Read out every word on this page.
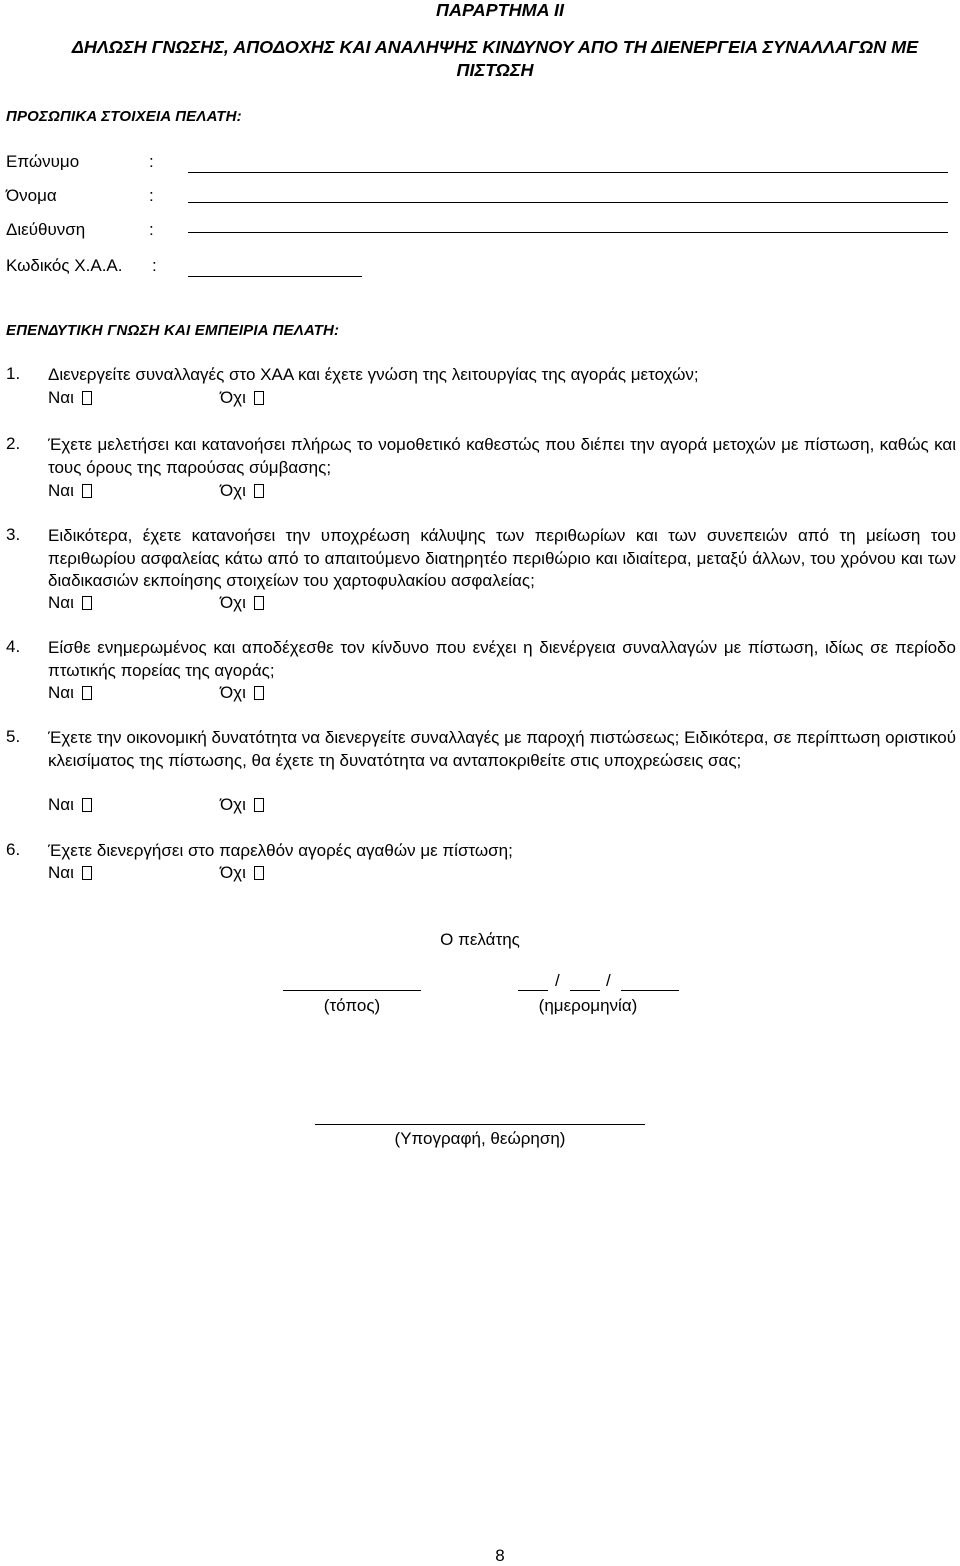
ΠΑΡΑΡΤΗΜΑ ΙΙ
ΔΗΛΩΣΗ ΓΝΩΣΗΣ, ΑΠΟΔΟΧΗΣ ΚΑΙ ΑΝΑΛΗΨΗΣ ΚΙΝΔΥΝΟΥ ΑΠΟ ΤΗ ΔΙΕΝΕΡΓΕΙΑ ΣΥΝΑΛΛΑΓΩΝ ΜΕ
ΠΙΣΤΩΣΗ
ΠΡΟΣΩΠΙΚΑ ΣΤΟΙΧΕΙΑ ΠΕΛΑΤΗ:
Επώνυμο	:
Όνομα	:
Διεύθυνση	:
Κωδικός Χ.Α.Α. :
ΕΠΕΝΔΥΤΙΚΗ ΓΝΩΣΗ ΚΑΙ ΕΜΠΕΙΡΙΑ ΠΕΛΑΤΗ:
1. Διενεργείτε συναλλαγές στο ΧΑΑ και έχετε γνώση της λειτουργίας της αγοράς μετοχών;
Ναι	Όχι
2. Έχετε μελετήσει και κατανοήσει πλήρως το νομοθετικό καθεστώς που διέπει την αγορά μετοχών με πίστωση, καθώς και τους όρους της παρούσας σύμβασης;
Ναι	Όχι
3. Ειδικότερα, έχετε κατανοήσει την υποχρέωση κάλυψης των περιθωρίων και των συνεπειών από τη μείωση του περιθωρίου ασφαλείας κάτω από το απαιτούμενο διατηρητέο περιθώριο και ιδιαίτερα, μεταξύ άλλων, του χρόνου και των διαδικασιών εκποίησης στοιχείων του χαρτοφυλακίου ασφαλείας;
Ναι	Όχι
4. Είσθε ενημερωμένος και αποδέχεσθε τον κίνδυνο που ενέχει η διενέργεια συναλλαγών με πίστωση, ιδίως σε περίοδο πτωτικής πορείας της αγοράς;
Ναι	Όχι
5. Έχετε την οικονομική δυνατότητα να διενεργείτε συναλλαγές με παροχή πιστώσεως; Ειδικότερα, σε περίπτωση οριστικού κλεισίματος της πίστωσης, θα έχετε τη δυνατότητα να ανταποκριθείτε στις υποχρεώσεις σας;
Ναι	Όχι
6. Έχετε διενεργήσει στο παρελθόν αγορές αγαθών με πίστωση;
Ναι	Όχι
Ο πελάτης
(τόπος)
/	/
(ημερομηνία)
(Υπογραφή, θεώρηση)
8
